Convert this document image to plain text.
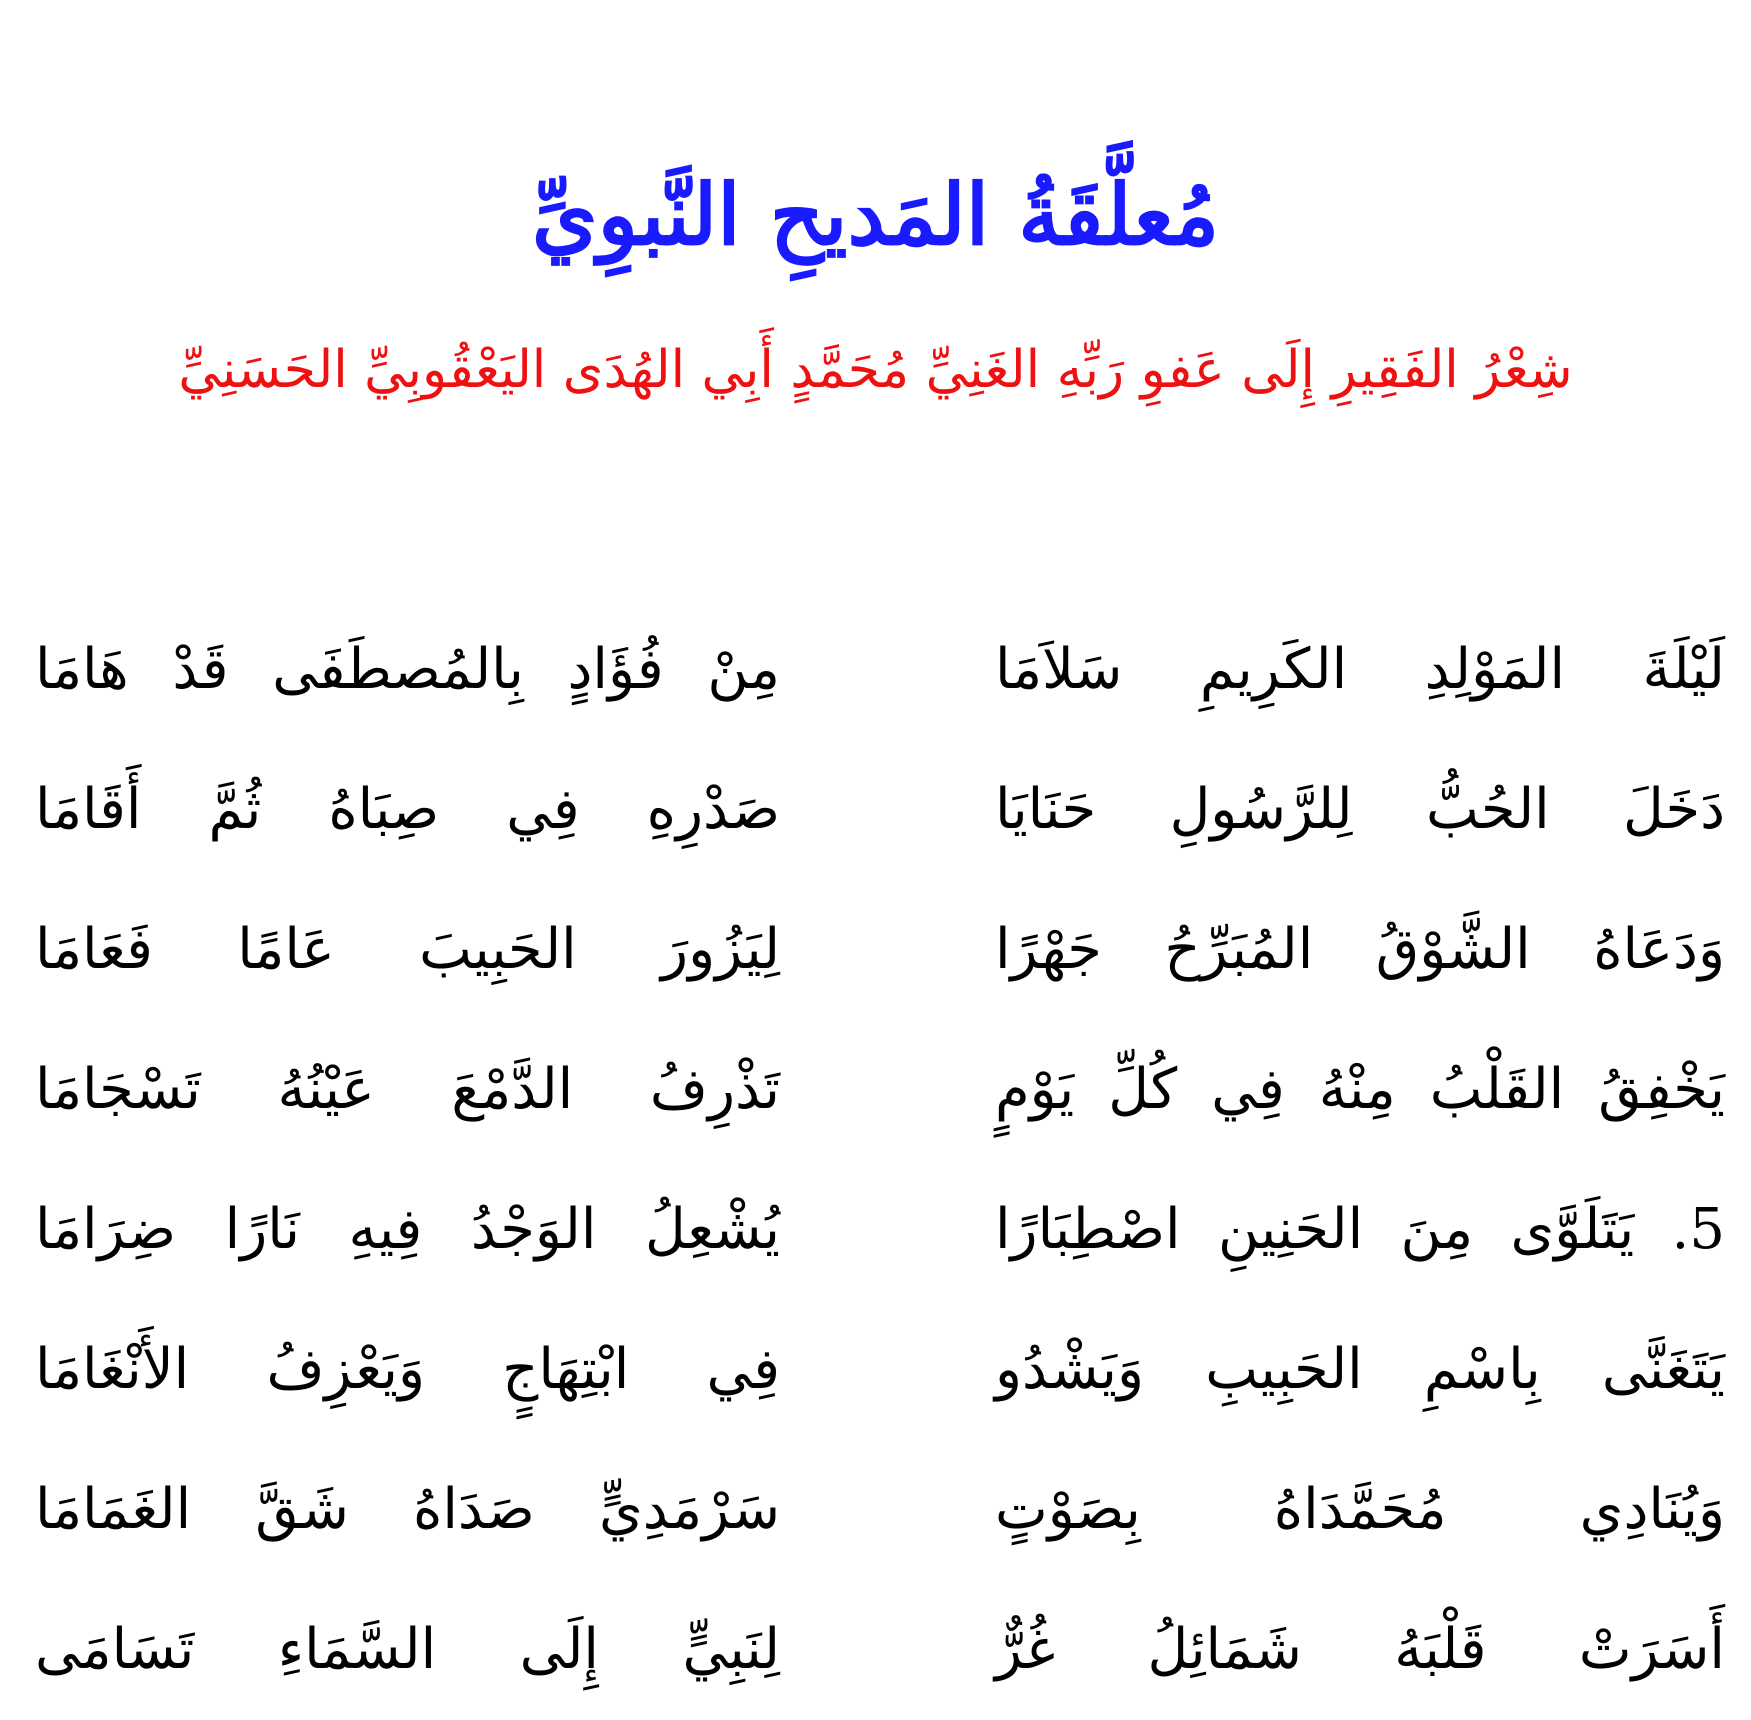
مُعلَّقَةُ المَديحِ النَّبوِيِّ
شِعْرُ الفَقِيرِ إِلَى عَفوِ رَبِّهِ الغَنِيِّ مُحَمَّدٍ أَبِي الهُدَى اليَعْقُوبِيِّ الحَسَنِيِّ
لَيْلَةَ المَوْلِدِ الكَرِيمِ سَلاَمَا
مِنْ فُؤَادٍ بِالمُصطَفَى قَدْ هَامَا
دَخَلَ الحُبُّ لِلرَّسُولِ حَنَايَا
صَدْرِهِ فِي صِبَاهُ ثُمَّ أَقَامَا
وَدَعَاهُ الشَّوْقُ المُبَرِّحُ جَهْرًا
لِيَزُورَ الحَبِيبَ عَامًا فَعَامَا
يَخْفِقُ القَلْبُ مِنْهُ فِي كُلِّ يَوْمٍ
تَذْرِفُ الدَّمْعَ عَيْنُهُ تَسْجَامَا
5. يَتَلَوَّى مِنَ الحَنِينِ اصْطِبَارًا
يُشْعِلُ الوَجْدُ فِيهِ نَارًا ضِرَامَا
يَتَغَنَّى بِاسْمِ الحَبِيبِ وَيَشْدُو
فِي ابْتِهَاجٍ وَيَعْزِفُ الأَنْغَامَا
وَيُنَادِي مُحَمَّدَاهُ بِصَوْتٍ
سَرْمَدِيٍّ صَدَاهُ شَقَّ الغَمَامَا
أَسَرَتْ قَلْبَهُ شَمَائِلُ غُرٌّ
لِنَبِيٍّ إِلَى السَّمَاءِ تَسَامَى
